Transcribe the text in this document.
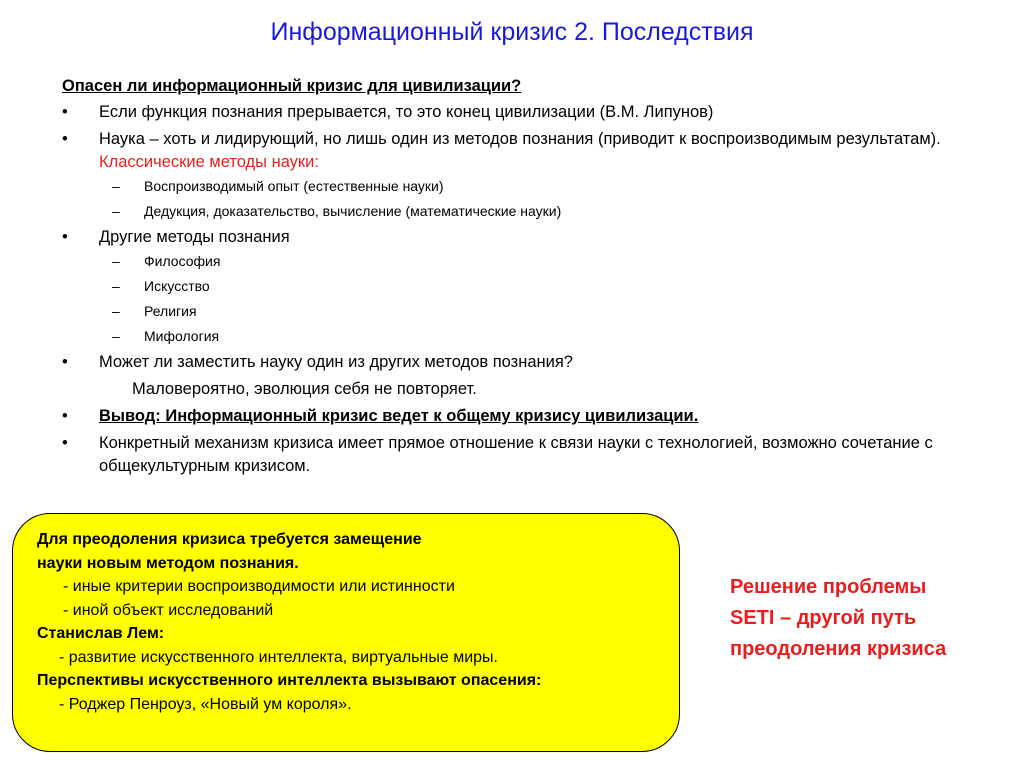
Информационный кризис 2. Последствия
Опасен ли информационный кризис для цивилизации?
• Если функция познания прерывается, то это конец цивилизации (В.М. Липунов)
• Наука – хоть и лидирующий, но лишь один из методов познания (приводит к воспроизводимым результатам). Классические методы науки:
– Воспроизводимый опыт (естественные науки)
– Дедукция, доказательство, вычисление (математические науки)
• Другие методы познания
– Философия
– Искусство
– Религия
– Мифология
• Может ли заместить науку один из других методов познания?
Маловероятно, эволюция себя не повторяет.
• Вывод: Информационный кризис ведет к общему кризису цивилизации.
• Конкретный механизм кризиса имеет прямое отношение к связи науки с технологией, возможно сочетание с общекультурным кризисом.
Для преодоления кризиса требуется замещение
науки новым методом познания.
- иные критерии воспроизводимости или истинности
- иной объект исследований
Станислав Лем:
- развитие искусственного интеллекта, виртуальные миры.
Перспективы искусственного интеллекта вызывают опасения:
- Роджер Пенроуз, «Новый ум короля».
Решение проблемы
SETI – другой путь
преодоления кризиса
